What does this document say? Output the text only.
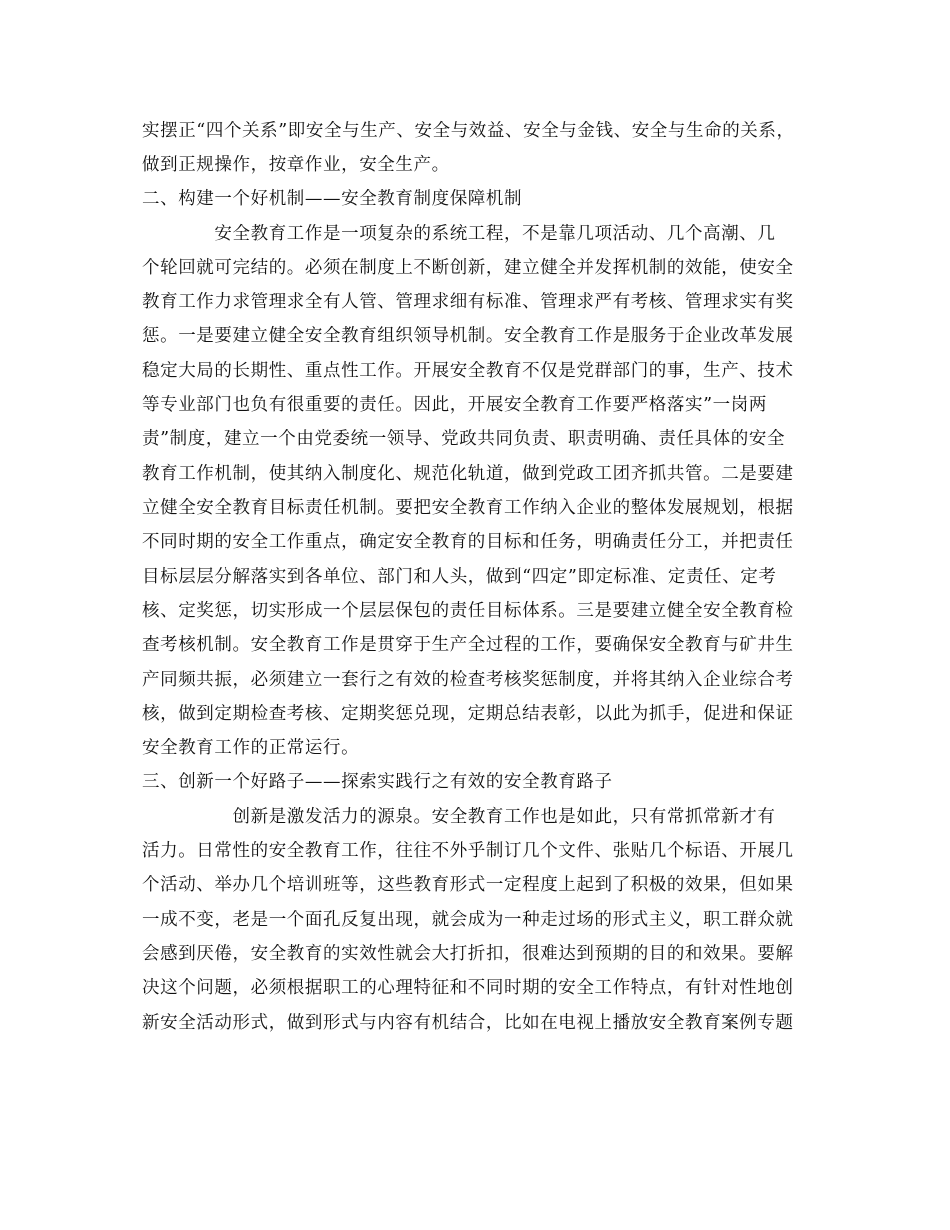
实摆正“四个关系”即安全与生产、安全与效益、安全与金钱、安全与生命的关系，
做到正规操作，按章作业，安全生产。
二、构建一个好机制——安全教育制度保障机制
　　　　安全教育工作是一项复杂的系统工程，不是靠几项活动、几个高潮、几
个轮回就可完结的。必须在制度上不断创新，建立健全并发挥机制的效能，使安全
教育工作力求管理求全有人管、管理求细有标准、管理求严有考核、管理求实有奖
惩。一是要建立健全安全教育组织领导机制。安全教育工作是服务于企业改革发展
稳定大局的长期性、重点性工作。开展安全教育不仅是党群部门的事，生产、技术
等专业部门也负有很重要的责任。因此，开展安全教育工作要严格落实”一岗两
责”制度，建立一个由党委统一领导、党政共同负责、职责明确、责任具体的安全
教育工作机制，使其纳入制度化、规范化轨道，做到党政工团齐抓共管。二是要建
立健全安全教育目标责任机制。要把安全教育工作纳入企业的整体发展规划，根据
不同时期的安全工作重点，确定安全教育的目标和任务，明确责任分工，并把责任
目标层层分解落实到各单位、部门和人头，做到“四定”即定标准、定责任、定考
核、定奖惩，切实形成一个层层保包的责任目标体系。三是要建立健全安全教育检
查考核机制。安全教育工作是贯穿于生产全过程的工作，要确保安全教育与矿井生
产同频共振，必须建立一套行之有效的检查考核奖惩制度，并将其纳入企业综合考
核，做到定期检查考核、定期奖惩兑现，定期总结表彰，以此为抓手，促进和保证
安全教育工作的正常运行。
三、创新一个好路子——探索实践行之有效的安全教育路子
　　　　　创新是激发活力的源泉。安全教育工作也是如此，只有常抓常新才有
活力。日常性的安全教育工作，往往不外乎制订几个文件、张贴几个标语、开展几
个活动、举办几个培训班等，这些教育形式一定程度上起到了积极的效果，但如果
一成不变，老是一个面孔反复出现，就会成为一种走过场的形式主义，职工群众就
会感到厌倦，安全教育的实效性就会大打折扣，很难达到预期的目的和效果。要解
决这个问题，必须根据职工的心理特征和不同时期的安全工作特点，有针对性地创
新安全活动形式，做到形式与内容有机结合，比如在电视上播放安全教育案例专题
